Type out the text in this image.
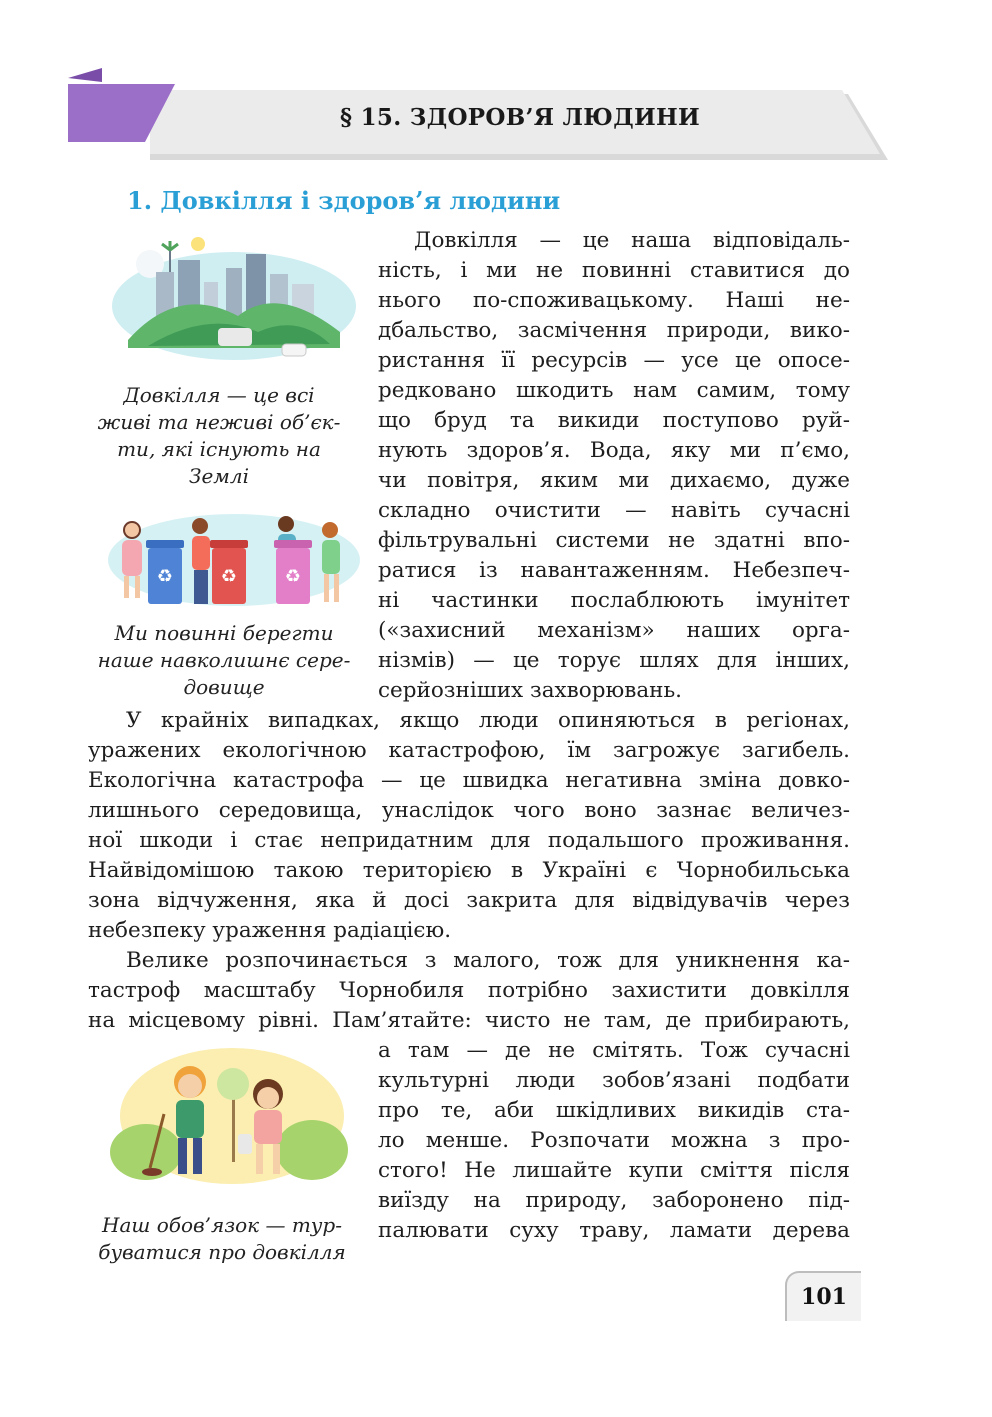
§ 15. ЗДОРОВ’Я ЛЮДИНИ
1. Довкілля і здоров’я людини
Довкілля — це всі
живі та неживі об’єк-
ти, які існують на
Землі
♻	♻	♻
Ми повинні берегти
наше навколишнє сере-
довище
Довкілля — це наша відповідаль-
ність, і ми не повинні ставитися до
нього по-споживацькому. Наші не-
дбальство, засмічення природи, вико-
ристання її ресурсів — усе це опосе-
редковано шкодить нам самим, тому
що бруд та викиди поступово руй-
нують здоров’я. Вода, яку ми п’ємо,
чи повітря, яким ми дихаємо, дуже
складно очистити — навіть сучасні
фільтрувальні системи не здатні впо-
ратися із навантаженням. Небезпеч-
ні частинки послаблюють імунітет
(«захисний механізм» наших орга-
нізмів) — це торує шлях для інших,
серйозніших захворювань.
У крайніх випадках, якщо люди опиняються в регіонах,
уражених екологічною катастрофою, їм загрожує загибель.
Екологічна катастрофа — це швидка негативна зміна довко-
лишнього середовища, унаслідок чого воно зазнає величез-
ної шкоди і стає непридатним для подальшого проживання.
Найвідомішою такою територією в Україні є Чорнобильська
зона відчуження, яка й досі закрита для відвідувачів через
небезпеку ураження радіацією.
Велике розпочинається з малого, тож для уникнення ка-
тастроф масштабу Чорнобиля потрібно захистити довкілля
на місцевому рівні. Пам’ятайте: чисто не там, де прибирають,
Наш обов’язок — тур-
буватися про довкілля
а там — де не смітять. Тож сучасні
культурні люди зобов’язані подбати
про те, аби шкідливих викидів ста-
ло менше. Розпочати можна з про-
стого! Не лишайте купи сміття після
виїзду на природу, заборонено під-
палювати суху траву, ламати дерева
101
